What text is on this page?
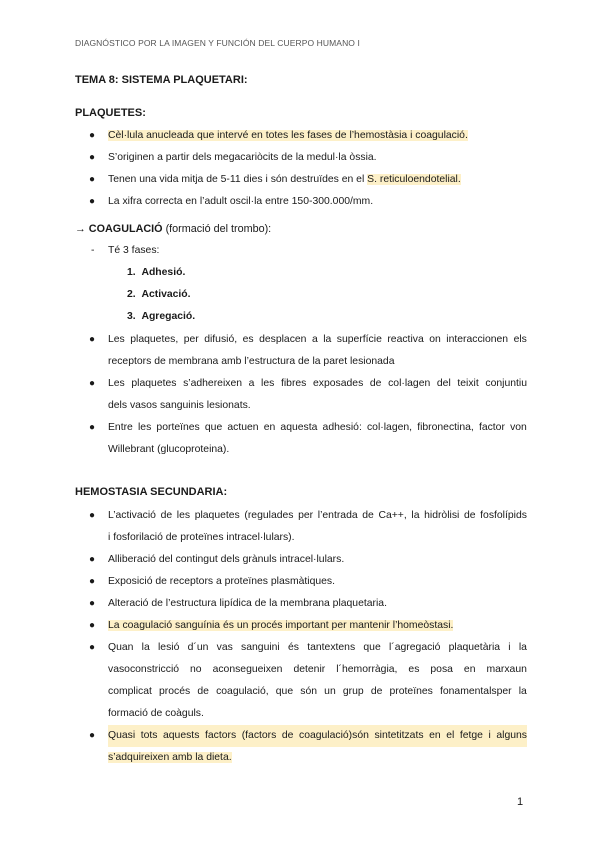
DIAGNÓSTICO POR LA IMAGEN Y FUNCIÓN DEL CUERPO HUMANO I
TEMA 8: SISTEMA PLAQUETARI:
PLAQUETES:
● Cèl·lula anucleada que intervé en totes les fases de l’hemostàsia i coagulació.
● S’originen a partir dels megacariòcits de la medul·la òssia.
● Tenen una vida mitja de 5-11 dies i són destruïdes en el S. reticuloendotelial.
● La xifra correcta en l’adult oscil·la entre 150-300.000/mm.
→ COAGULACIÓ (formació del trombo):
- Té 3 fases:
1. Adhesió.
2. Activació.
3. Agregació.
● Les plaquetes, per difusió, es desplacen a la superfície reactiva on interaccionen els
receptors de membrana amb l’estructura de la paret lesionada
● Les plaquetes s’adhereixen a les fibres exposades de col·lagen del teixit conjuntiu
dels vasos sanguinis lesionats.
● Entre les porteïnes que actuen en aquesta adhesió: col·lagen, fibronectina, factor von
Willebrant (glucoproteina).
HEMOSTASIA SECUNDARIA:
● L’activació de les plaquetes (regulades per l’entrada de Ca++, la hidròlisi de fosfolípids
i fosforilació de proteïnes intracel·lulars).
● Alliberació del contingut dels grànuls intracel·lulars.
● Exposició de receptors a proteïnes plasmàtiques.
● Alteració de l’estructura lipídica de la membrana plaquetaria.
● La coagulació sanguínia és un procés important per mantenir l’homeòstasi.
● Quan la lesió d´un vas sanguini és tantextens que l´agregació plaquetària i la
vasoconstricció no aconsegueixen detenir l´hemorràgia, es posa en marxaun
complicat procés de coagulació, que són un grup de proteïnes fonamentalsper la
formació de coàguls.
● Quasi tots aquests factors (factors de coagulació)són sintetitzats en el fetge i alguns
s’adquireixen amb la dieta.
1
